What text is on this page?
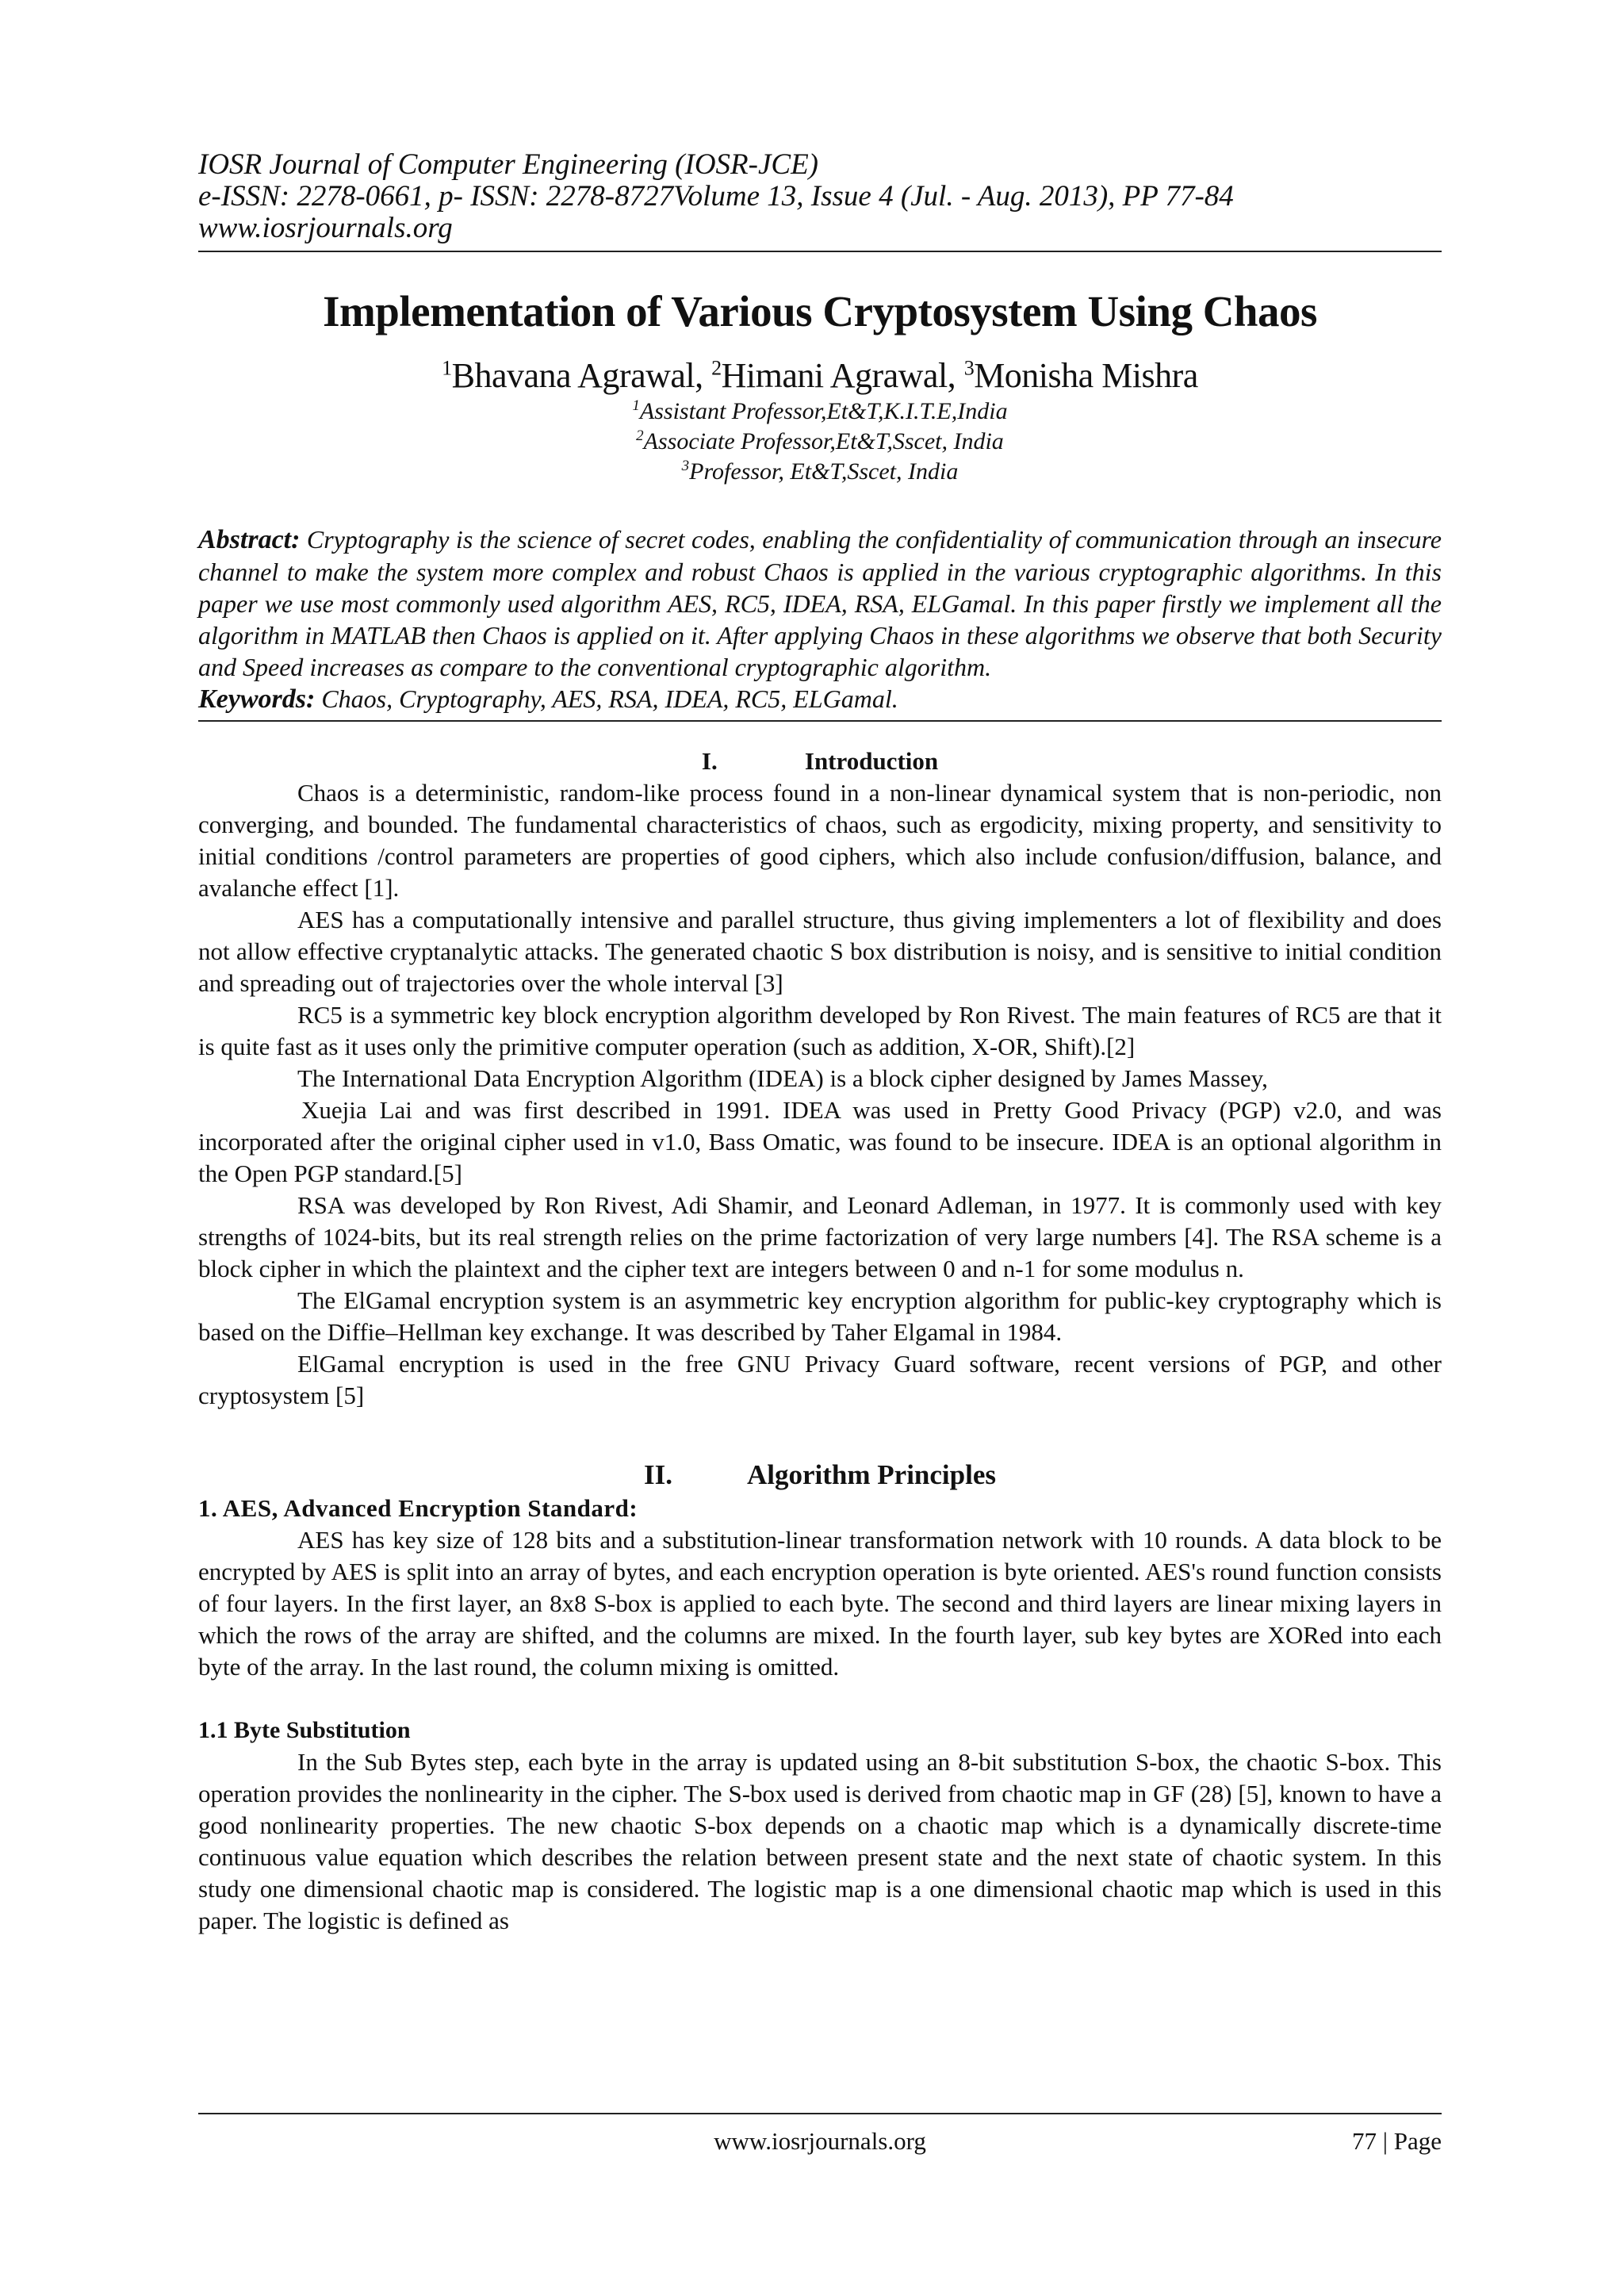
IOSR Journal of Computer Engineering (IOSR-JCE)
e-ISSN: 2278-0661, p- ISSN: 2278-8727Volume 13, Issue 4 (Jul. - Aug. 2013), PP 77-84
www.iosrjournals.org
Implementation of Various Cryptosystem Using Chaos
$^1$Bhavana Agrawal, $^2$Himani Agrawal, $^3$Monisha Mishra
$^1$Assistant Professor,Et&T,K.I.T.E,India
$^2$Associate Professor,Et&T,Sscet, India
$^3$Professor, Et&T,Sscet, India
Abstract: Cryptography is the science of secret codes, enabling the confidentiality of communication through an insecure channel to make the system more complex and robust Chaos is applied in the various cryptographic algorithms. In this paper we use most commonly used algorithm AES, RC5, IDEA, RSA, ELGamal. In this paper firstly we implement all the algorithm in MATLAB then Chaos is applied on it. After applying Chaos in these algorithms we observe that both Security and Speed increases as compare to the conventional cryptographic algorithm.
Keywords: Chaos, Cryptography, AES, RSA, IDEA, RC5, ELGamal.
I.	Introduction

Chaos is a deterministic, random-like process found in a non-linear dynamical system that is non-periodic, non converging, and bounded. The fundamental characteristics of chaos, such as ergodicity, mixing property, and sensitivity to initial conditions /control parameters are properties of good ciphers, which also include confusion/diffusion, balance, and avalanche effect [1].

AES has a computationally intensive and parallel structure, thus giving implementers a lot of flexibility and does not allow effective cryptanalytic attacks. The generated chaotic S box distribution is noisy, and is sensitive to initial condition and spreading out of trajectories over the whole interval [3]

RC5 is a symmetric key block encryption algorithm developed by Ron Rivest. The main features of RC5 are that it is quite fast as it uses only the primitive computer operation (such as addition, X-OR, Shift).[2]

The International Data Encryption Algorithm (IDEA) is a block cipher designed by James Massey,

Xuejia Lai and was first described in 1991. IDEA was used in Pretty Good Privacy (PGP) v2.0, and was incorporated after the original cipher used in v1.0, Bass Omatic, was found to be insecure. IDEA is an optional algorithm in the Open PGP standard.[5]

RSA was developed by Ron Rivest, Adi Shamir, and Leonard Adleman, in 1977. It is commonly used with key strengths of 1024-bits, but its real strength relies on the prime factorization of very large numbers [4]. The RSA scheme is a block cipher in which the plaintext and the cipher text are integers between 0 and n-1 for some modulus n.

The ElGamal encryption system is an asymmetric key encryption algorithm for public-key cryptography which is based on the Diffie–Hellman key exchange. It was described by Taher Elgamal in 1984.

ElGamal encryption is used in the free GNU Privacy Guard software, recent versions of PGP, and other cryptosystem [5]

II.	Algorithm Principles
1. AES, Advanced Encryption Standard:

AES has key size of 128 bits and a substitution-linear transformation network with 10 rounds. A data block to be encrypted by AES is split into an array of bytes, and each encryption operation is byte oriented. AES's round function consists of four layers. In the first layer, an 8x8 S-box is applied to each byte. The second and third layers are linear mixing layers in which the rows of the array are shifted, and the columns are mixed. In the fourth layer, sub key bytes are XORed into each byte of the array. In the last round, the column mixing is omitted.

1.1 Byte Substitution

In the Sub Bytes step, each byte in the array is updated using an 8-bit substitution S-box, the chaotic S-box. This operation provides the nonlinearity in the cipher. The S-box used is derived from chaotic map in GF (28) [5], known to have a good nonlinearity properties. The new chaotic S-box depends on a chaotic map which is a dynamically discrete-time continuous value equation which describes the relation between present state and the next state of chaotic system. In this study one dimensional chaotic map is considered. The logistic map is a one dimensional chaotic map which is used in this paper. The logistic is defined as

www.iosrjournals.org	77 | Page
